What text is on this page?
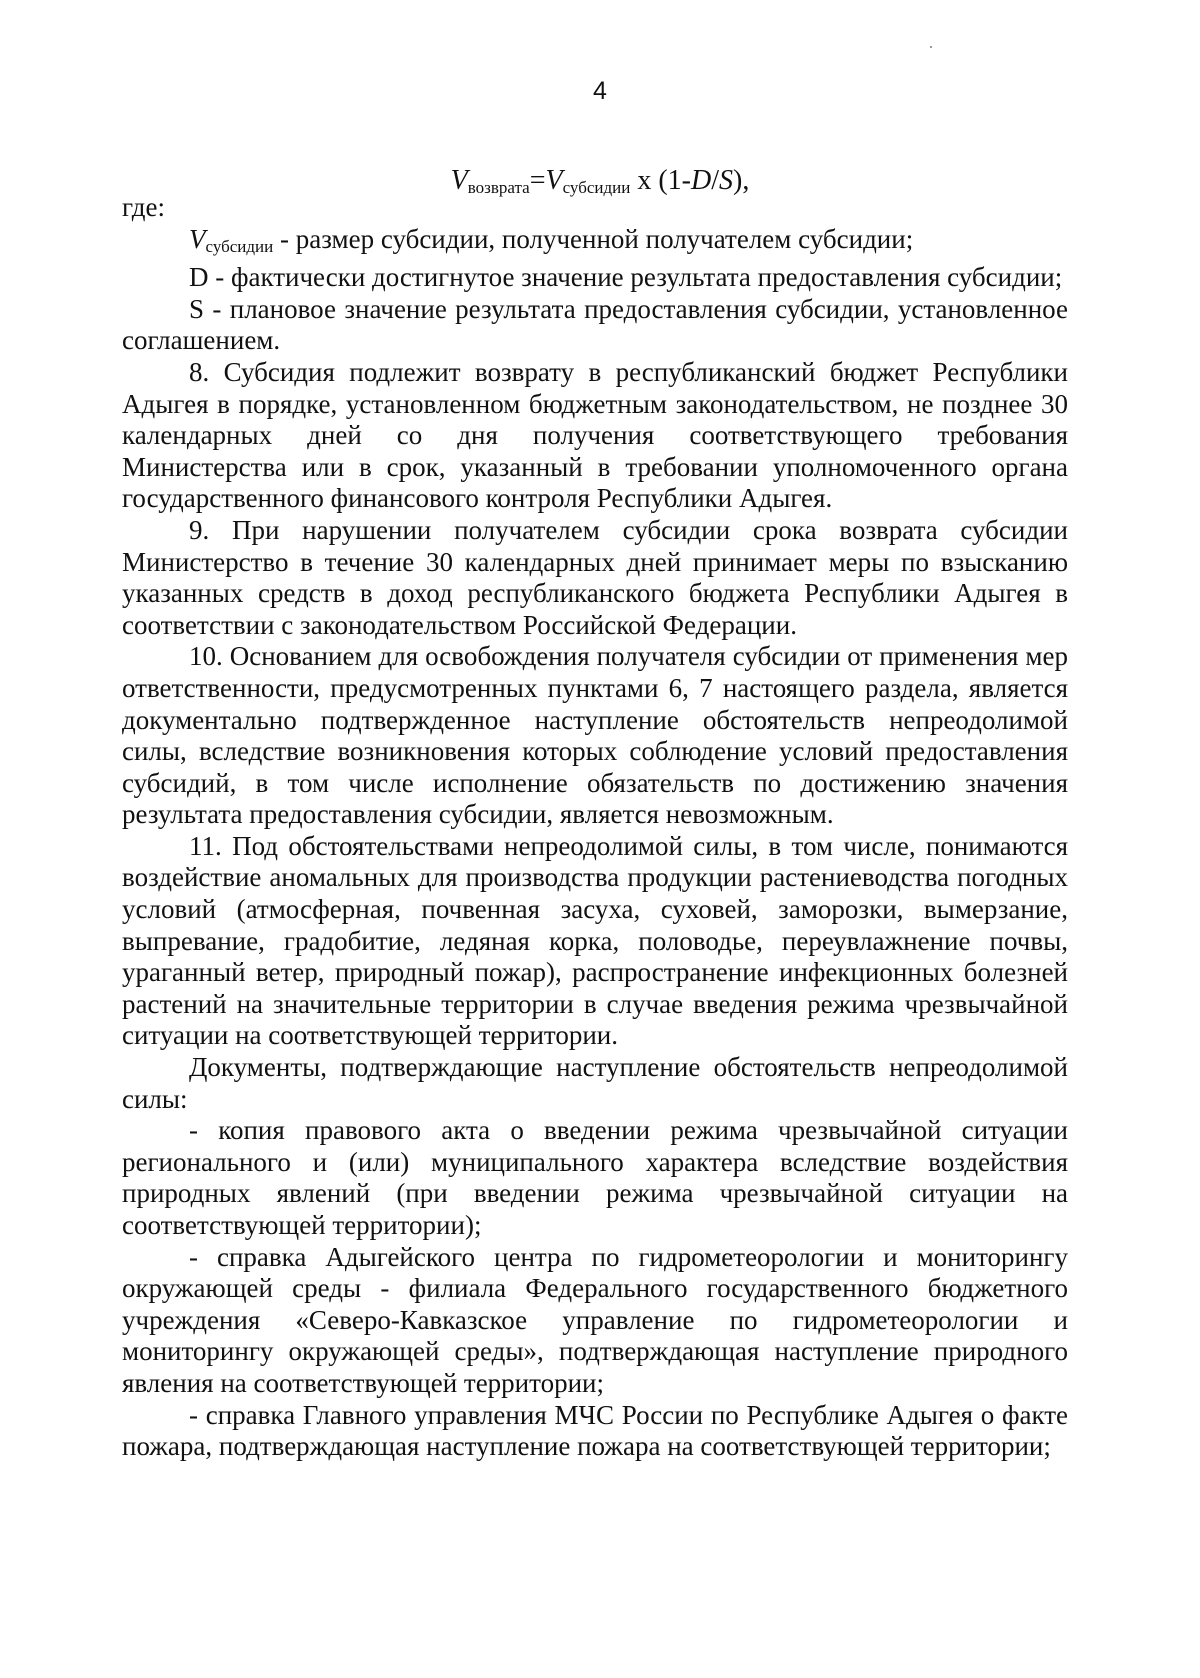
4
$V_{возврата}=V_{субсидии}$ x (1-D/S),

где:

Vсубсидии - размер субсидии, полученной получателем субсидии;

D - фактически достигнутое значение результата предоставления субсидии;

S - плановое значение результата предоставления субсидии, установленное соглашением.

8. Субсидия подлежит возврату в республиканский бюджет Республики Адыгея в порядке, установленном бюджетным законодательством, не позднее 30 календарных дней со дня получения соответствующего требования Министерства или в срок, указанный в требовании уполномоченного органа государственного финансового контроля Республики Адыгея.

9. При нарушении получателем субсидии срока возврата субсидии Министерство в течение 30 календарных дней принимает меры по взысканию указанных средств в доход республиканского бюджета Республики Адыгея в соответствии с законодательством Российской Федерации.

10. Основанием для освобождения получателя субсидии от применения мер ответственности, предусмотренных пунктами 6, 7 настоящего раздела, является документально подтвержденное наступление обстоятельств непреодолимой силы, вследствие возникновения которых соблюдение условий предоставления субсидий, в том числе исполнение обязательств по достижению значения результата предоставления субсидии, является невозможным.

11. Под обстоятельствами непреодолимой силы, в том числе, понимаются воздействие аномальных для производства продукции растениеводства погодных условий (атмосферная, почвенная засуха, суховей, заморозки, вымерзание, выпревание, градобитие, ледяная корка, половодье, переувлажнение почвы, ураганный ветер, природный пожар), распространение инфекционных болезней растений на значительные территории в случае введения режима чрезвычайной ситуации на соответствующей территории.

Документы, подтверждающие наступление обстоятельств непреодолимой силы:

- копия правового акта о введении режима чрезвычайной ситуации регионального и (или) муниципального характера вследствие воздействия природных явлений (при введении режима чрезвычайной ситуации на соответствующей территории);

- справка Адыгейского центра по гидрометеорологии и мониторингу окружающей среды - филиала Федерального государственного бюджетного учреждения «Северо-Кавказское управление по гидрометеорологии и мониторингу окружающей среды», подтверждающая наступление природного явления на соответствующей территории;

- справка Главного управления МЧС России по Республике Адыгея о факте пожара, подтверждающая наступление пожара на соответствующей территории;
